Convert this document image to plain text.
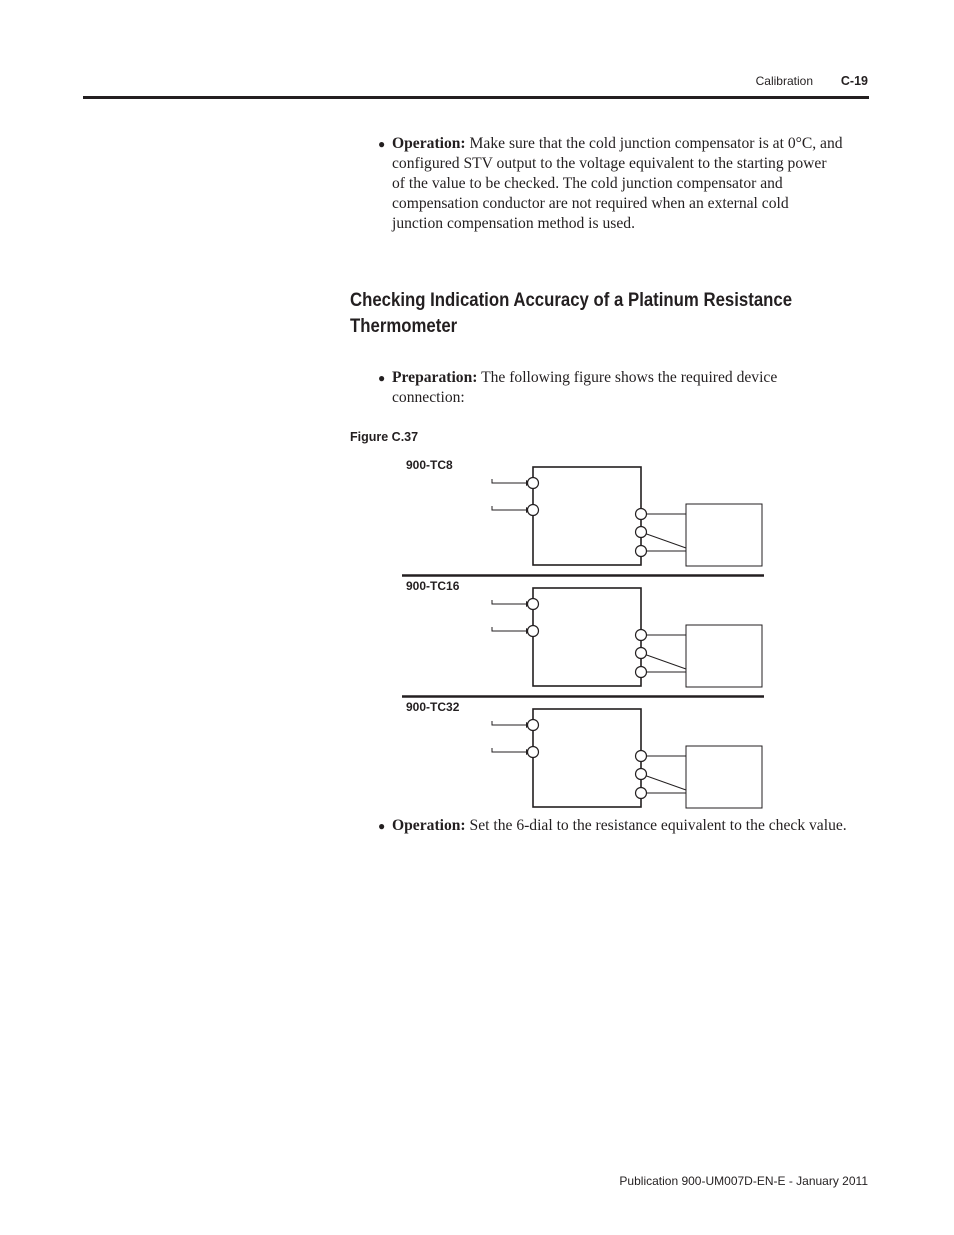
Calibration	C-19
● Operation: Make sure that the cold junction compensator is at 0°C, and
configured STV output to the voltage equivalent to the starting power
of the value to be checked. The cold junction compensator and
compensation conductor are not required when an external cold
junction compensation method is used.
Checking Indication Accuracy of a Platinum Resistance
Thermometer
● Preparation: The following figure shows the required device
connection:
Figure C.37
900-TC8
900-TC16
900-TC32
● Operation: Set the 6-dial to the resistance equivalent to the check value.
Publication 900-UM007D-EN-E - January 2011
